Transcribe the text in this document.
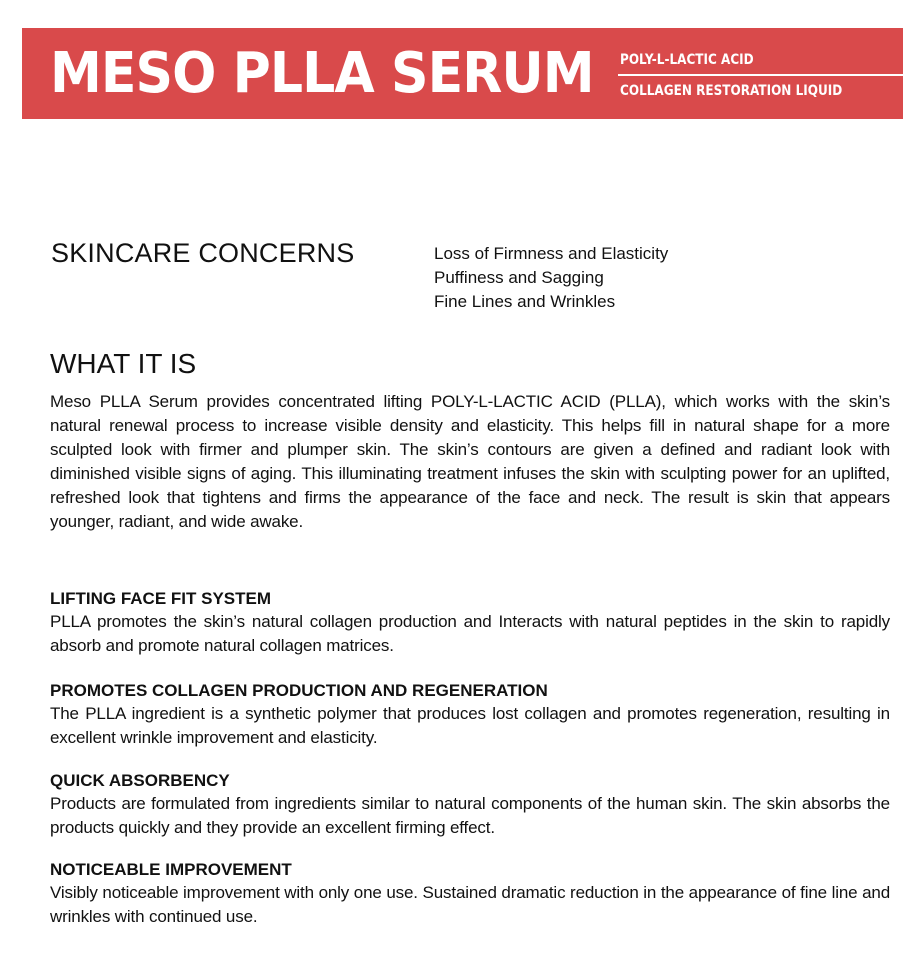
MESO PLLA SERUM POLY-L-LACTIC ACID

COLLAGEN RESTORATION LIQUID

SKINCARE CONCERNS	Loss of Firmness and Elasticity
Puffiness and Sagging
Fine Lines and Wrinkles
WHAT IT IS

Meso PLLA Serum provides concentrated lifting POLY-L-LACTIC ACID (PLLA), which works with the skin’s natural renewal process to increase visible density and elasticity. This helps fill in natural shape for a more sculpted look with firmer and plumper skin. The skin’s contours are given a defined and radiant look with diminished visible signs of aging. This illuminating treatment infuses the skin with sculpting power for an uplifted, refreshed look that tightens and firms the appearance of the face and neck. The result is skin that appears younger, radiant, and wide awake.

LIFTING FACE FIT SYSTEM

PLLA promotes the skin’s natural collagen production and Interacts with natural peptides in the skin to rapidly absorb and promote natural collagen matrices.

PROMOTES COLLAGEN PRODUCTION AND REGENERATION

The PLLA ingredient is a synthetic polymer that produces lost collagen and promotes regeneration, resulting in excellent wrinkle improvement and elasticity.

QUICK ABSORBENCY

Products are formulated from ingredients similar to natural components of the human skin. The skin absorbs the products quickly and they provide an excellent firming effect.

NOTICEABLE IMPROVEMENT

Visibly noticeable improvement with only one use. Sustained dramatic reduction in the appearance of fine line and wrinkles with continued use.
